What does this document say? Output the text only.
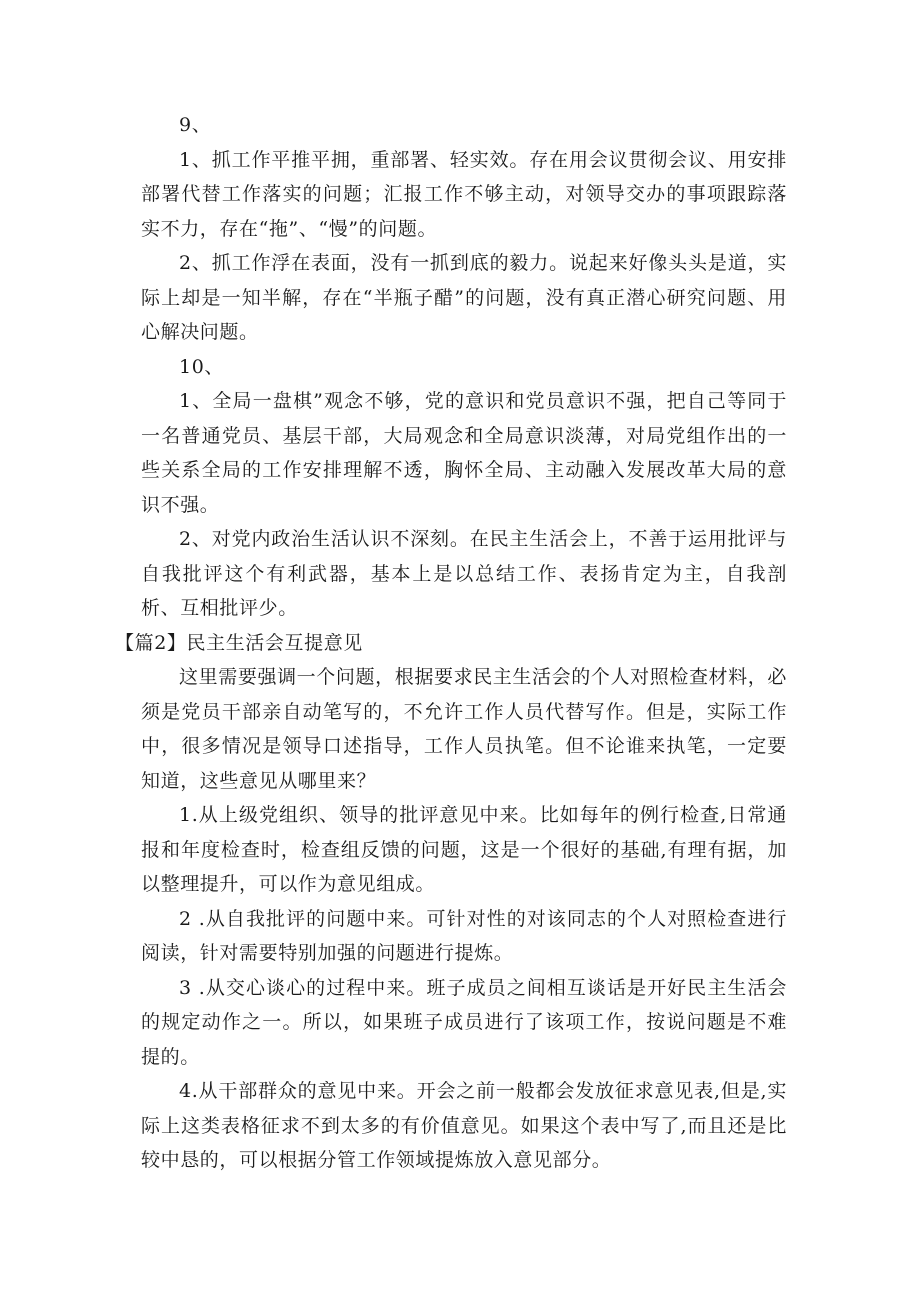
9、

1、抓工作平推平拥，重部署、轻实效。存在用会议贯彻会议、用安排部署代替工作落实的问题；汇报工作不够主动，对领导交办的事项跟踪落实不力，存在“拖”、“慢”的问题。

2、抓工作浮在表面，没有一抓到底的毅力。说起来好像头头是道，实际上却是一知半解，存在“半瓶子醋”的问题，没有真正潜心研究问题、用心解决问题。

10、

1、全局一盘棋”观念不够，党的意识和党员意识不强，把自己等同于一名普通党员、基层干部，大局观念和全局意识淡薄，对局党组作出的一些关系全局的工作安排理解不透，胸怀全局、主动融入发展改革大局的意识不强。

2、对党内政治生活认识不深刻。在民主生活会上，不善于运用批评与自我批评这个有利武器，基本上是以总结工作、表扬肯定为主，自我剖析、互相批评少。

【篇2】民主生活会互提意见

这里需要强调一个问题，根据要求民主生活会的个人对照检查材料，必须是党员干部亲自动笔写的，不允许工作人员代替写作。但是，实际工作中，很多情况是领导口述指导，工作人员执笔。但不论谁来执笔，一定要知道，这些意见从哪里来？

1.从上级党组织、领导的批评意见中来。比如每年的例行检查,日常通报和年度检查时，检查组反馈的问题，这是一个很好的基础,有理有据，加以整理提升，可以作为意见组成。

2 .从自我批评的问题中来。可针对性的对该同志的个人对照检查进行阅读，针对需要特别加强的问题进行提炼。

3 .从交心谈心的过程中来。班子成员之间相互谈话是开好民主生活会的规定动作之一。所以，如果班子成员进行了该项工作，按说问题是不难提的。

4.从干部群众的意见中来。开会之前一般都会发放征求意见表,但是,实际上这类表格征求不到太多的有价值意见。如果这个表中写了,而且还是比较中恳的，可以根据分管工作领域提炼放入意见部分。
